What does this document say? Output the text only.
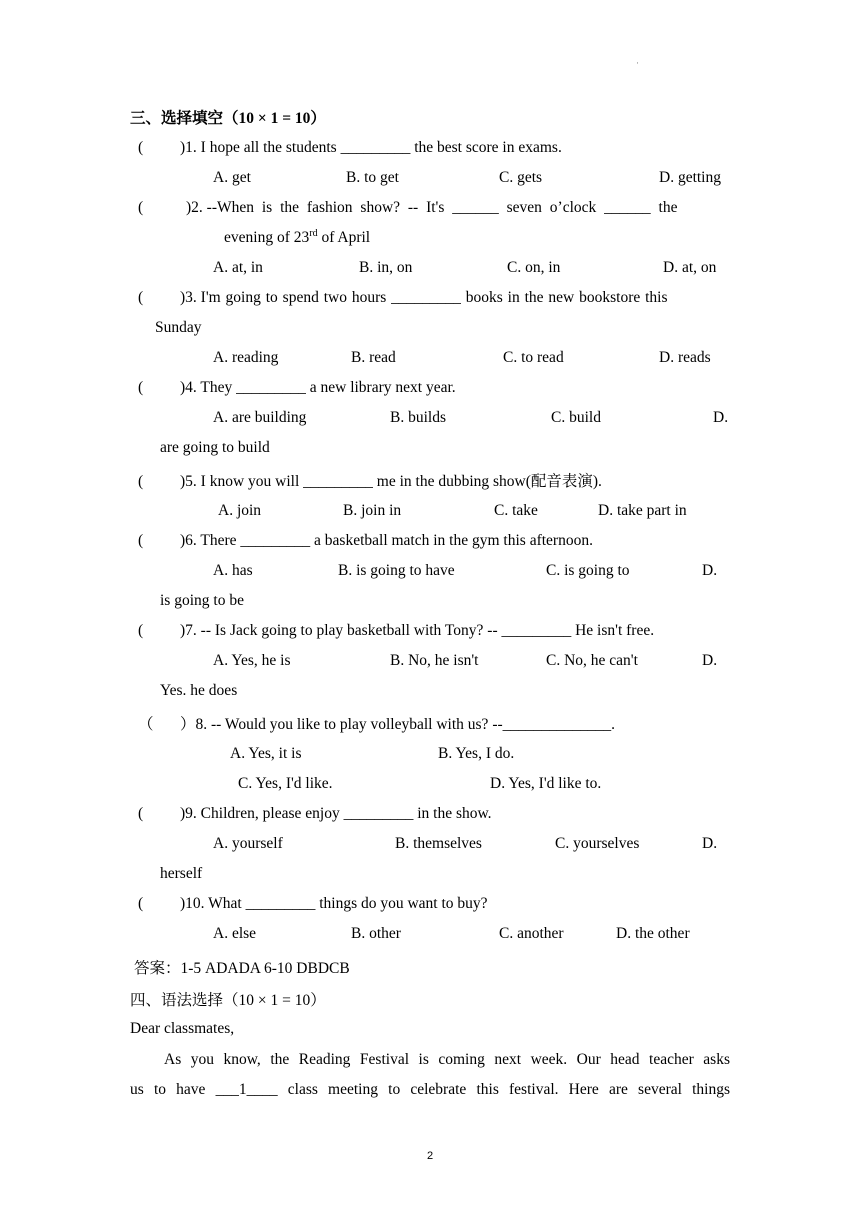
·
三、选择填空（10 × 1 = 10）
( )1. I hope all the students _________ the best score in exams.
A. get	B. to get	C. gets	D. getting
(	)2. --When is the fashion show? -- It's ______ seven o’clock ______ the
evening of 23rd of April
A. at, in	B. in, on	C. on, in	D. at, on
( )3. I'm going to spend two hours _________ books in the new bookstore this
Sunday
A. reading	B. read	C. to read	D. reads
( )4. They _________ a new library next year.
A. are building	B. builds	C. build	D.
are going to build
( )5. I know you will _________ me in the dubbing show(配音表演).
A. join	B. join in	C. take	D. take part in
( )6. There _________ a basketball match in the gym this afternoon.
A. has	B. is going to have	C. is going to	D.
is going to be
( )7. -- Is Jack going to play basketball with Tony? -- _________ He isn't free.
A. Yes, he is	B. No, he isn't	C. No, he can't	D.
Yes. he does
（ ）8. -- Would you like to play volleyball with us? --______________.
A. Yes, it is	B. Yes, I do.
C. Yes, I'd like.	D. Yes, I'd like to.
( )9. Children, please enjoy _________ in the show.
A. yourself	B. themselves	C. yourselves	D.
herself
( )10. What _________ things do you want to buy?
A. else	B. other	C. another	D. the other
答案：1-5 ADADA 6-10 DBDCB
四、语法选择（10 × 1 = 10）
Dear classmates,
As you know, the Reading Festival is coming next week. Our head teacher asks
us to have ___1____ class meeting to celebrate this festival. Here are several things
2
